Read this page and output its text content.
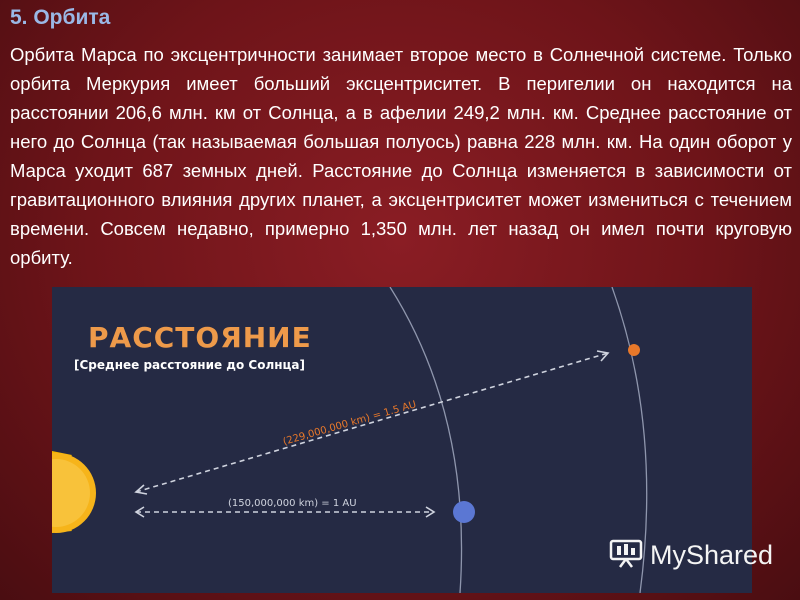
5. Орбита

Орбита Марса по эксцентричности занимает второе место в Солнечной системе. Только орбита Меркурия имеет больший эксцентриситет. В перигелии он находится на расстоянии 206,6 млн. км от Солнца, а в афелии 249,2 млн. км. Среднее расстояние от него до Солнца (так называемая большая полуось) равна 228 млн. км. На один оборот у Марса уходит 687 земных дней. Расстояние до Солнца изменяется в зависимости от гравитационного влияния других планет, а эксцентриситет может измениться с течением времени. Совсем недавно, примерно 1,350 млн. лет назад он имел почти круговую орбиту.

(229,000,000 km) = 1.5 AU
(150,000,000 km) = 1 AU
РАССТОЯНИЕ

[Среднее расстояние до Солнца]

MyShared
